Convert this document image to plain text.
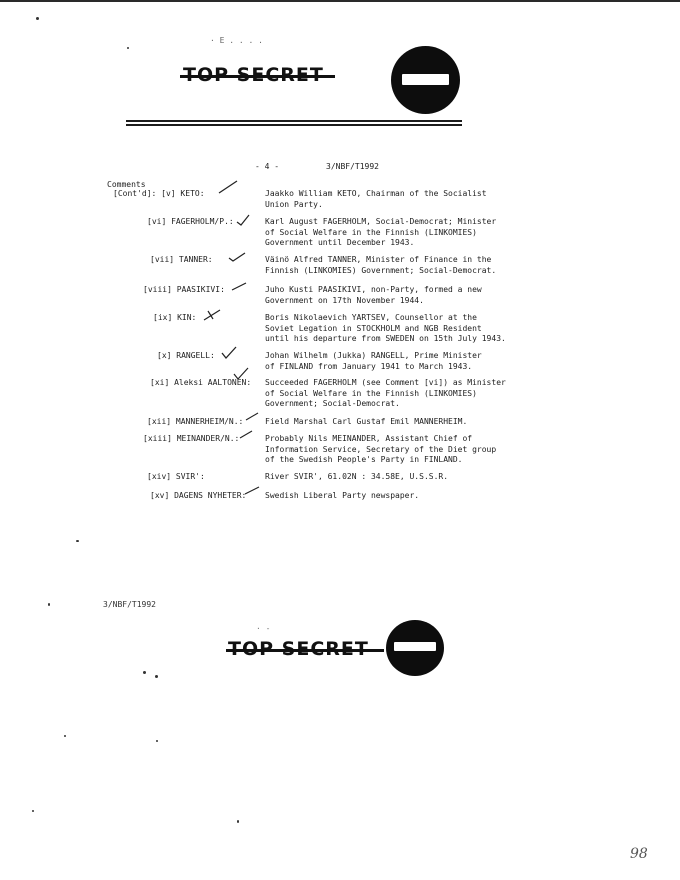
· E . . . .
- 4 -	3/NBF/T1992
Comments
[Cont'd]: [v] KETO:	Jaakko William KETO, Chairman of the Socialist
Union Party.
[vi] FAGERHOLM/P.:	Karl August FAGERHOLM, Social-Democrat; Minister
of Social Welfare in the Finnish (LINKOMIES)
Government until December 1943.
[vii] TANNER:	Väinö Alfred TANNER, Minister of Finance in the
Finnish (LINKOMIES) Government; Social-Democrat.
[viii] PAASIKIVI:	Juho Kusti PAASIKIVI, non-Party, formed a new
Government on 17th November 1944.
[ix] KIN:	Boris Nikolaevich YARTSEV, Counsellor at the
Soviet Legation in STOCKHOLM and NGB Resident
until his departure from SWEDEN on 15th July 1943.
[x] RANGELL:	Johan Wilhelm (Jukka) RANGELL, Prime Minister
of FINLAND from January 1941 to March 1943.
[xi] Aleksi AALTONEN: Succeeded FAGERHOLM (see Comment [vi]) as Minister
of Social Welfare in the Finnish (LINKOMIES)
Government; Social-Democrat.
[xii] MANNERHEIM/N.:	Field Marshal Carl Gustaf Emil MANNERHEIM.
[xiii] MEINANDER/N.:	Probably Nils MEINANDER, Assistant Chief of
Information Service, Secretary of the Diet group
of the Swedish People's Party in FINLAND.
[xiv] SVIR':	River SVIR', 61.02N : 34.58E, U.S.S.R.
[xv] DAGENS NYHETER: Swedish Liberal Party newspaper.
3/NBF/T1992
· -
98
